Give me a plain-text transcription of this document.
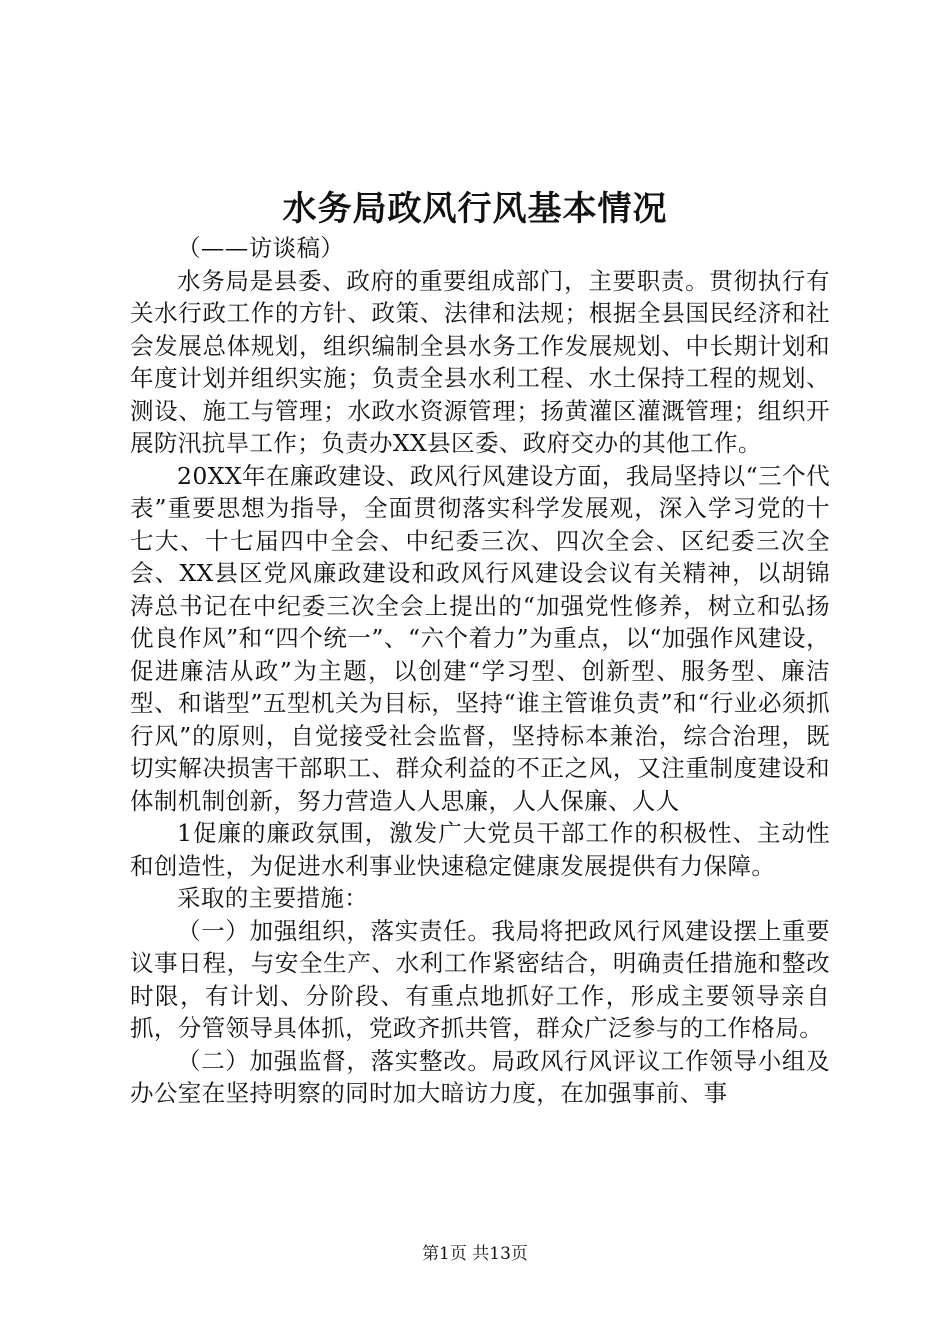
水务局政风行风基本情况

（——访谈稿）

水务局是县委、政府的重要组成部门，主要职责。贯彻执行有关水行政工作的方针、政策、法律和法规；根据全县国民经济和社会发展总体规划，组织编制全县水务工作发展规划、中长期计划和年度计划并组织实施；负责全县水利工程、水土保持工程的规划、测设、施工与管理；水政水资源管理；扬黄灌区灌溉管理；组织开展防汛抗旱工作；负责办XX县区委、政府交办的其他工作。

20XX年在廉政建设、政风行风建设方面，我局坚持以“三个代表”重要思想为指导，全面贯彻落实科学发展观，深入学习党的十七大、十七届四中全会、中纪委三次、四次全会、区纪委三次全会、XX县区党风廉政建设和政风行风建设会议有关精神，以胡锦涛总书记在中纪委三次全会上提出的“加强党性修养，树立和弘扬优良作风”和“四个统一”、“六个着力”为重点，以“加强作风建设，促进廉洁从政”为主题，以创建“学习型、创新型、服务型、廉洁型、和谐型”五型机关为目标，坚持“谁主管谁负责”和“行业必须抓行风”的原则，自觉接受社会监督，坚持标本兼治，综合治理，既切实解决损害干部职工、群众利益的不正之风，又注重制度建设和体制机制创新，努力营造人人思廉，人人保廉、人人

1促廉的廉政氛围，激发广大党员干部工作的积极性、主动性和创造性，为促进水利事业快速稳定健康发展提供有力保障。

采取的主要措施：

（一）加强组织，落实责任。我局将把政风行风建设摆上重要议事日程，与安全生产、水利工作紧密结合，明确责任措施和整改时限，有计划、分阶段、有重点地抓好工作，形成主要领导亲自抓，分管领导具体抓，党政齐抓共管，群众广泛参与的工作格局。

（二）加强监督，落实整改。局政风行风评议工作领导小组及办公室在坚持明察的同时加大暗访力度，在加强事前、事

第1页 共13页
